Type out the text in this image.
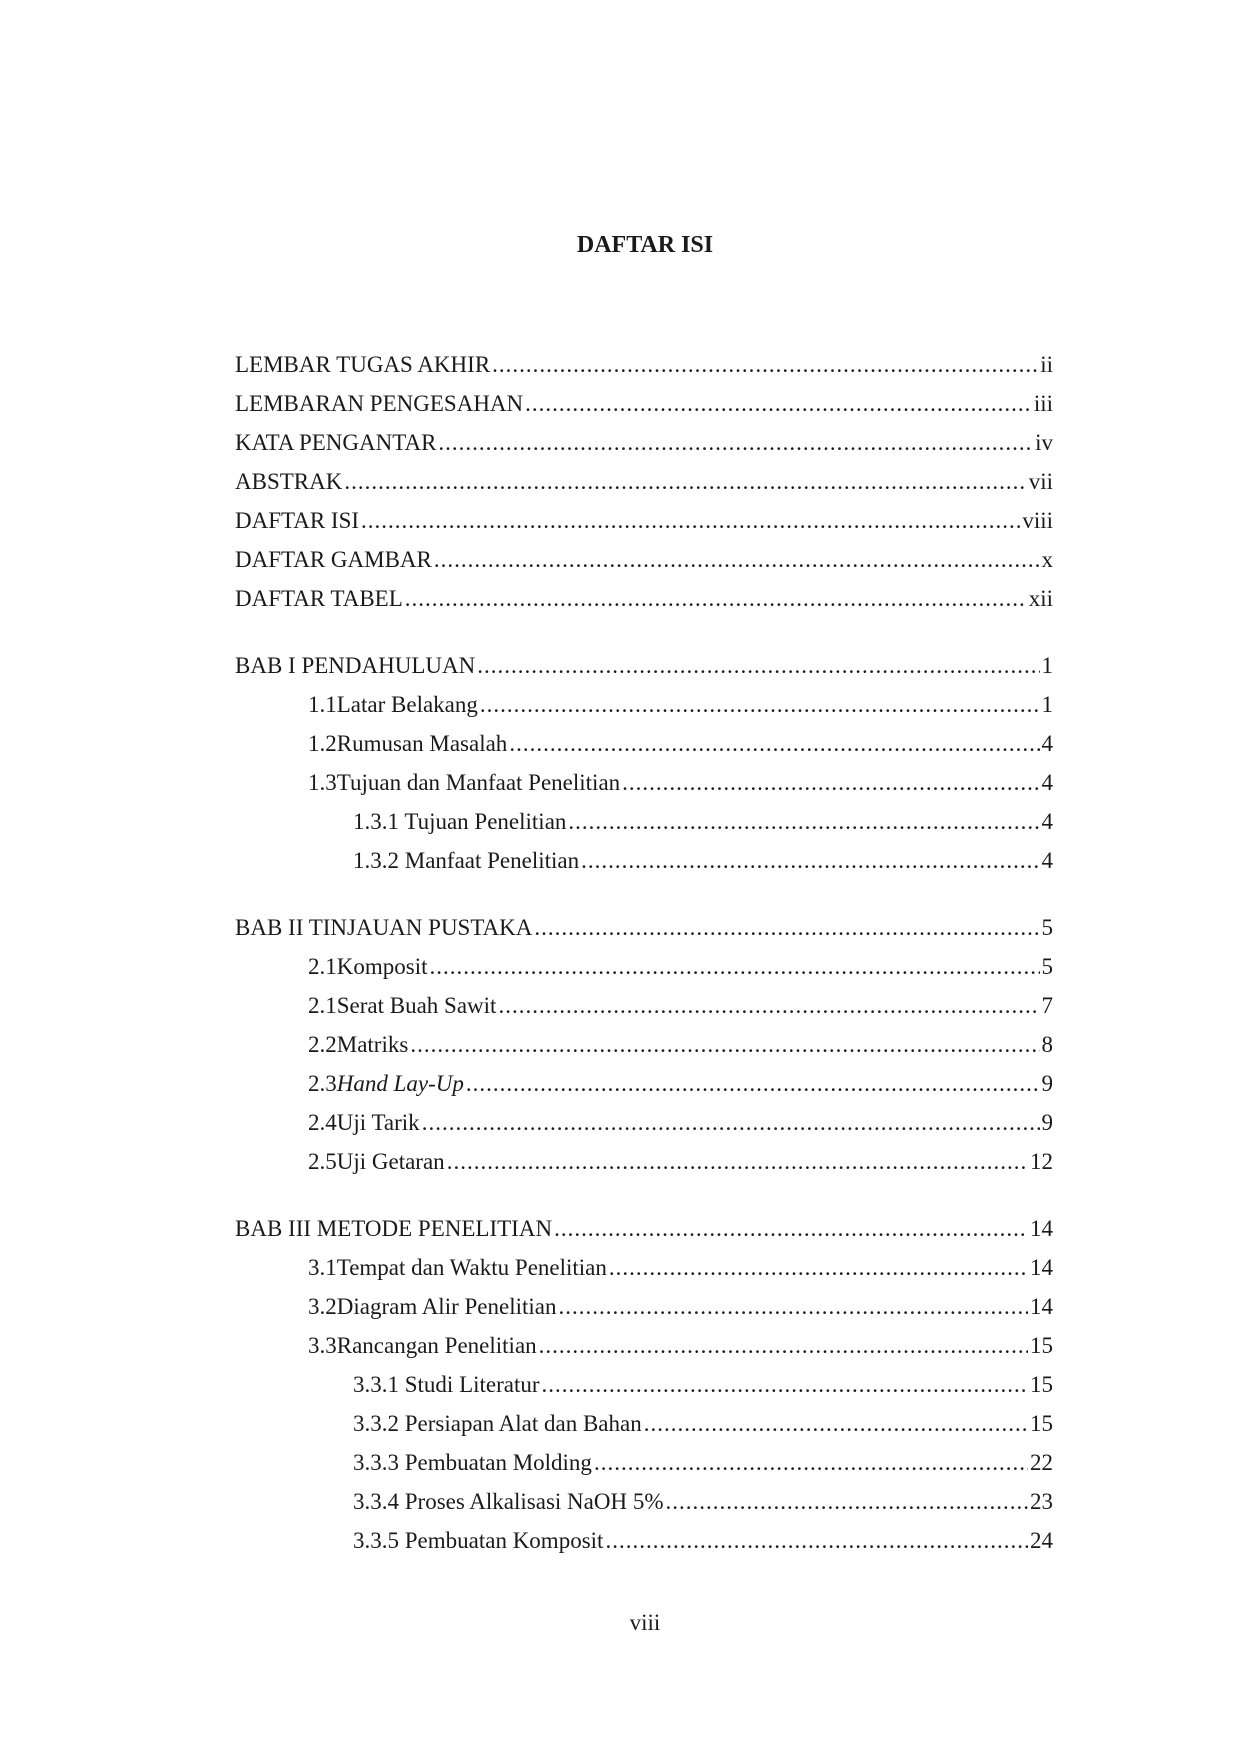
DAFTAR ISI
LEMBAR TUGAS AKHIR .....	ii
LEMBARAN PENGESAHAN .....	iii
KATA PENGANTAR .....	iv
ABSTRAK .....	vii
DAFTAR ISI .....	viii
DAFTAR GAMBAR .....	x
DAFTAR TABEL .....	xii
BAB I PENDAHULUAN .....	1
1.1 Latar Belakang .....	1
1.2 Rumusan Masalah .....	4
1.3 Tujuan dan Manfaat Penelitian .....	4
1.3.1 Tujuan Penelitian .....	4
1.3.2 Manfaat Penelitian .....	4
BAB II TINJAUAN PUSTAKA .....	5
2.1 Komposit .....	5
2.1 Serat Buah Sawit .....	7
2.2 Matriks .....	8
2.3 Hand Lay-Up .....	9
2.4 Uji Tarik .....	9
2.5 Uji Getaran .....	12
BAB III METODE PENELITIAN .....	14
3.1 Tempat dan Waktu Penelitian .....	14
3.2 Diagram Alir Penelitian .....	14
3.3 Rancangan Penelitian .....	15
3.3.1 Studi Literatur .....	15
3.3.2 Persiapan Alat dan Bahan .....	15
3.3.3 Pembuatan Molding .....	22
3.3.4 Proses Alkalisasi NaOH 5% .....	23
3.3.5 Pembuatan Komposit .....	24
viii
